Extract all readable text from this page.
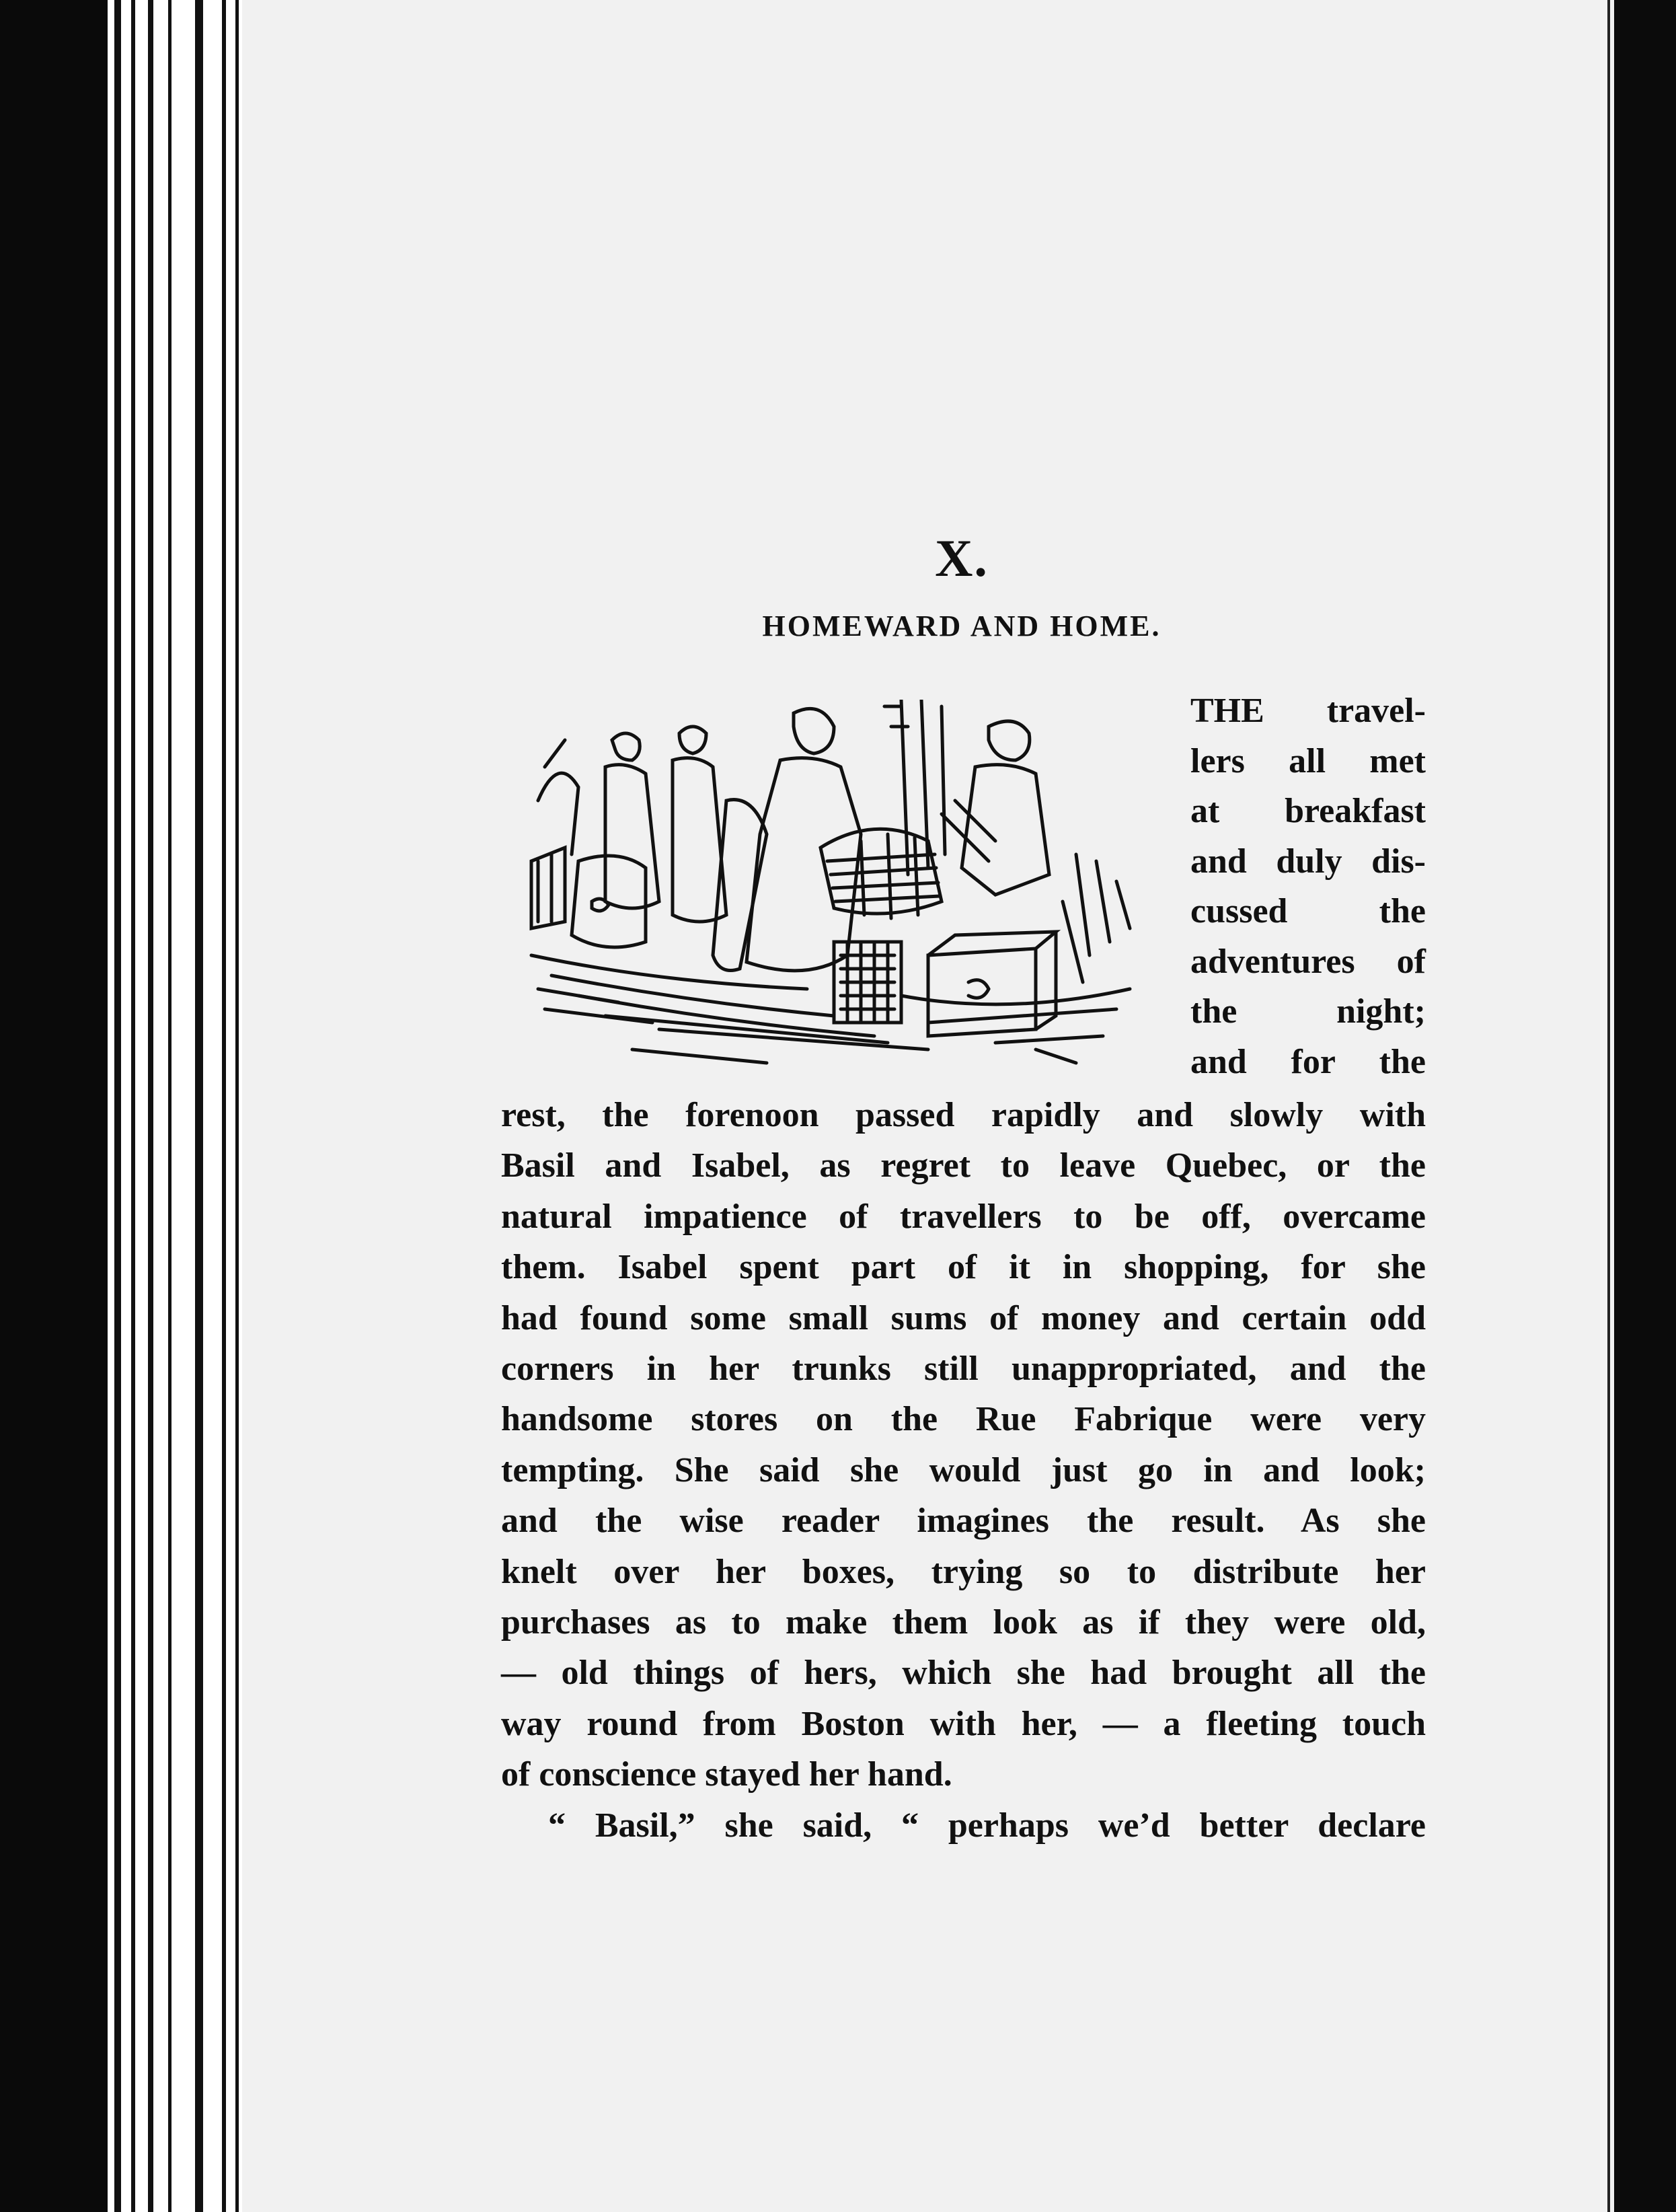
X.
HOMEWARD AND HOME.
THE travel-
lers all met
at breakfast
and duly dis-
cussed the
adventures of
the night;
and for the
rest, the forenoon passed rapidly and slowly with
Basil and Isabel, as regret to leave Quebec, or the
natural impatience of travellers to be off, overcame
them. Isabel spent part of it in shopping, for she
had found some small sums of money and certain odd
corners in her trunks still unappropriated, and the
handsome stores on the Rue Fabrique were very
tempting. She said she would just go in and look;
and the wise reader imagines the result. As she
knelt over her boxes, trying so to distribute her
purchases as to make them look as if they were old,
— old things of hers, which she had brought all the
way round from Boston with her, — a fleeting touch
of conscience stayed her hand.
“ Basil,” she said, “ perhaps we’d better declare
